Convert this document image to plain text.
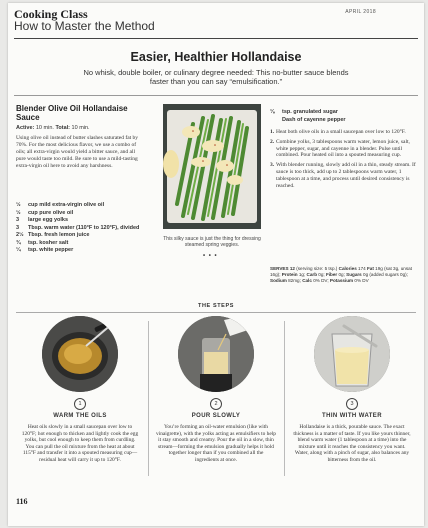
Cooking Class
How to Master the Method
APRIL 2018
Easier, Healthier Hollandaise
No whisk, double boiler, or culinary degree needed: This no-butter sauce blends faster than you can say “emulsification.”
Blender Olive Oil Hollandaise Sauce
Active: 10 min. Total: 10 min.
Using olive oil instead of butter slashes saturated fat by 70%. For the most delicious flavor, we use a combo of oils; all extra-virgin would yield a bitter sauce, and all pure would taste too mild. Be sure to use a mild-tasting extra-virgin oil here to avoid any harshness.
½	cup mild extra-virgin olive oil
½	cup pure olive oil
3	large egg yolks
3	Tbsp. warm water (110°F to 120°F), divided
2½ Tbsp. fresh lemon juice
¾	tsp. kosher salt
¼	tsp. white pepper
This silky sauce is just the thing for dressing steamed spring veggies.
• • •
⅛	tsp. granulated sugar
Dash of cayenne pepper
1. Heat both olive oils in a small saucepan over low to 120°F.
2. Combine yolks, 3 tablespoons warm water, lemon juice, salt, white pepper, sugar, and cayenne in a blender. Pulse until combined. Pour heated oil into a spouted measuring cup.
3. With blender running, slowly add oil in a thin, steady stream. If sauce is too thick, add up to 2 tablespoons warm water, 1 tablespoon at a time, and process until desired consistency is reached.
SERVES 12 (serving size: 5 tsp.) Calories 174 Fat 19g (sat 3g, unsat 16g); Protein 1g; Carb 0g; Fiber 0g; Sugars 0g (added sugars 0g); Sodium 82mg; Calc 0% DV; Potassium 0% DV
THE STEPS
1
WARM THE OILS
Heat oils slowly in a small saucepan over low to 120°F; hot enough to thicken and lightly cook the egg yolks, but cool enough to keep them from curdling. You can pull the oil mixture from the heat at about 115°F and transfer it into a spouted measuring cup—residual heat will carry it up to 120°F.
2
POUR SLOWLY
You’re forming an oil-water emulsion (like with vinaigrette), with the yolks acting as emulsifiers to help it stay smooth and creamy. Pour the oil in a slow, thin stream—forming the emulsion gradually helps it hold together longer than if you combined all the ingredients at once.
3
THIN WITH WATER
Hollandaise is a thick, pourable sauce. The exact thickness is a matter of taste. If you like yours thinner, blend warm water (1 tablespoon at a time) into the mixture until it reaches the consistency you want. Water, along with a pinch of sugar, also balances any bitterness from the oil.
116
